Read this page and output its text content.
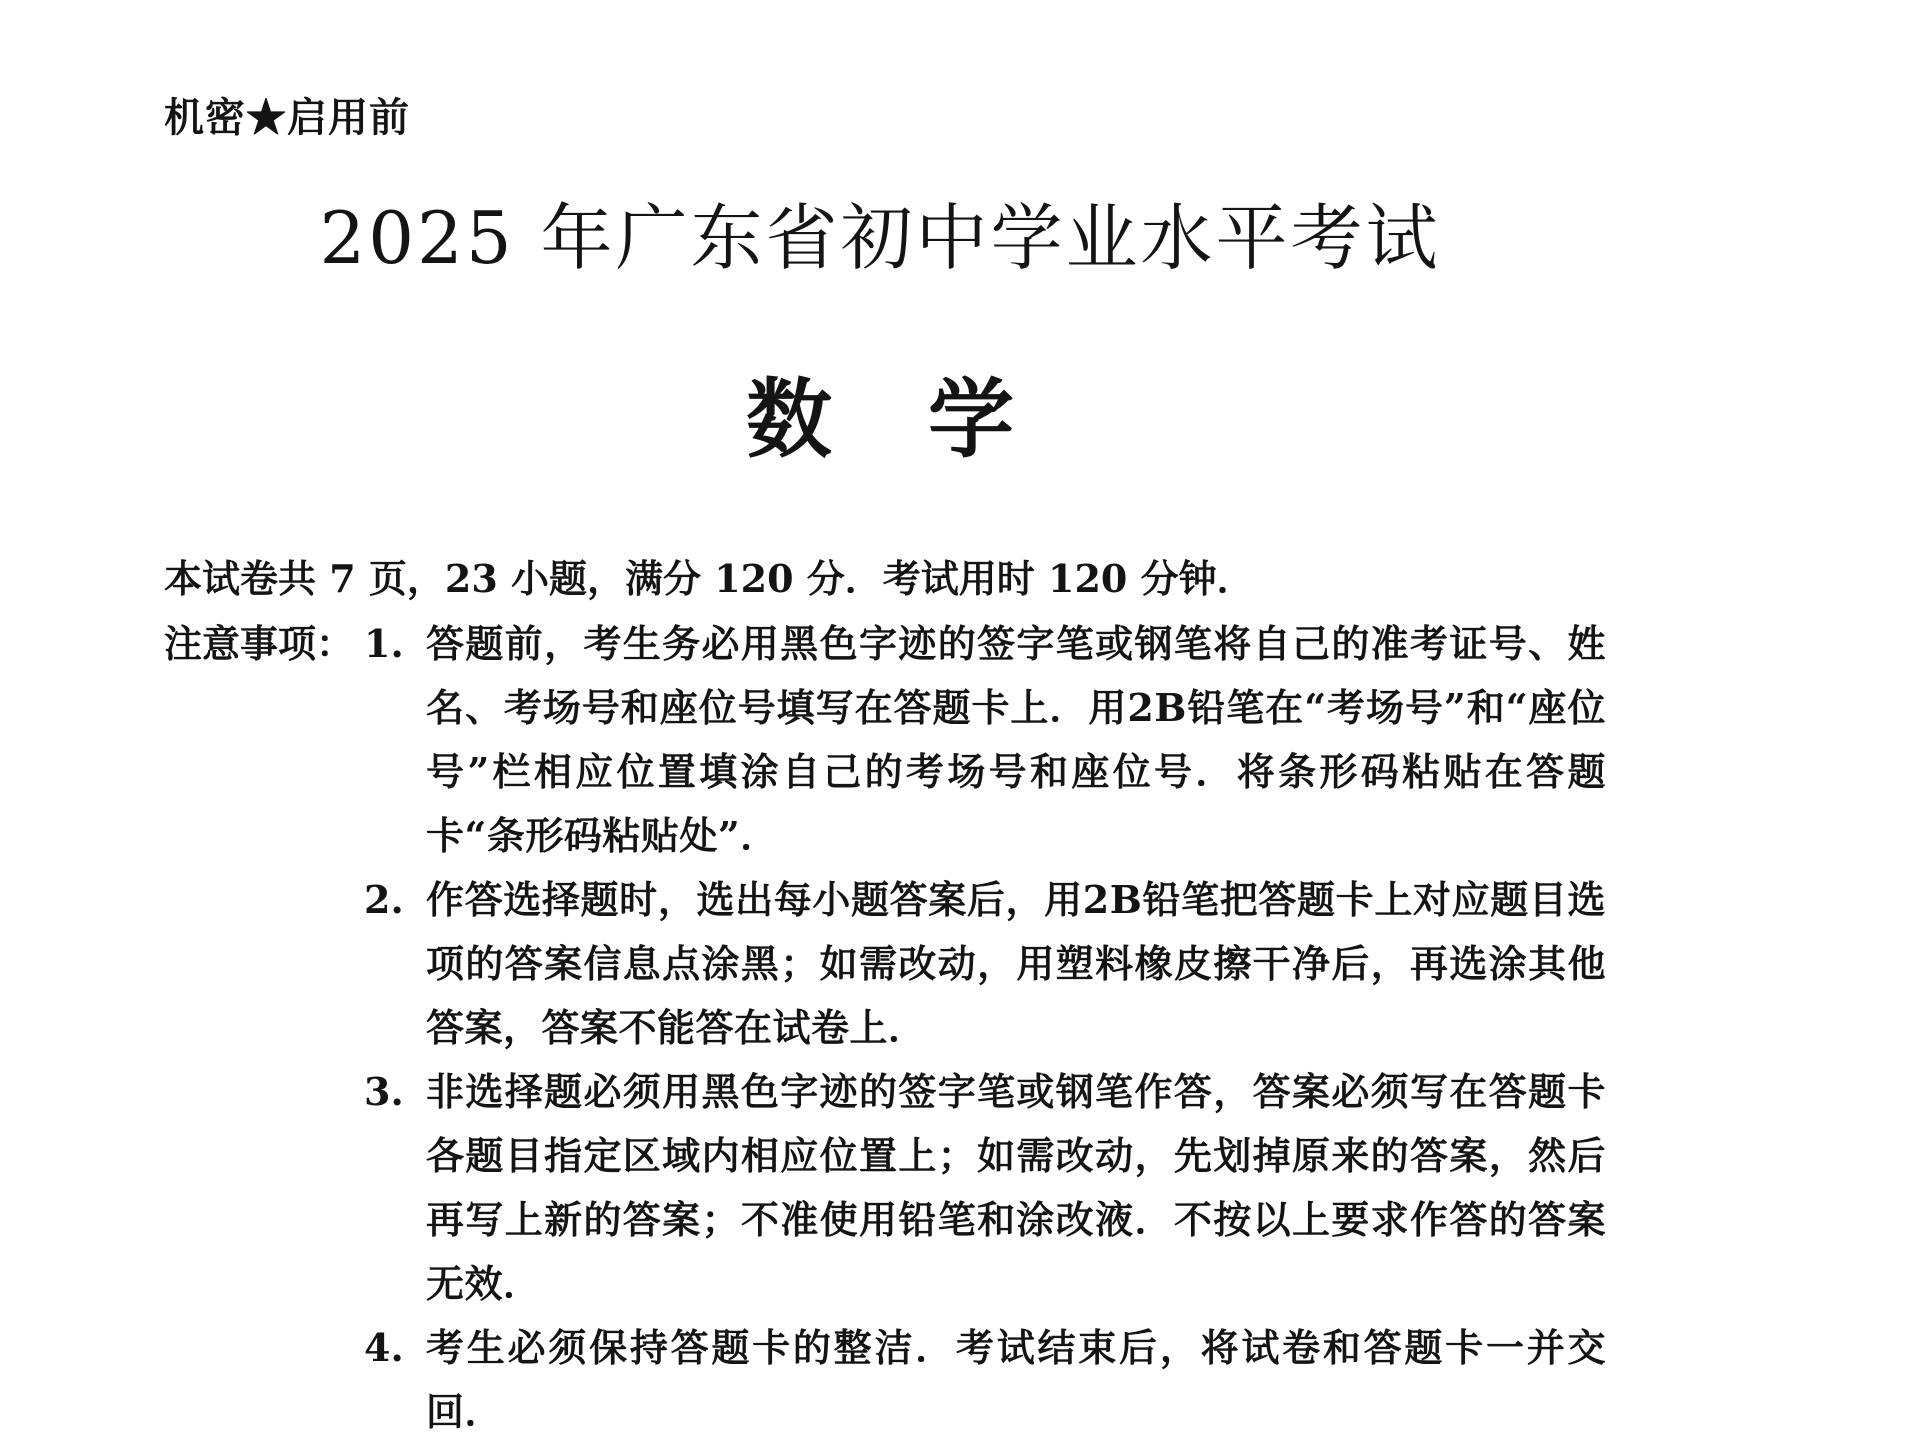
机密★启用前
2025 年广东省初中学业水平考试
数学
本试卷共 7 页，23 小题，满分 120 分．考试用时 120 分钟．
注意事项： 1. 答题前，考生务必用黑色字迹的签字笔或钢笔将自己的准考证号、姓名、考场号和座位号填写在答题卡上．用2B铅笔在“考场号”和“座位号”栏相应位置填涂自己的考场号和座位号．将条形码粘贴在答题卡“条形码粘贴处”．
2. 作答选择题时，选出每小题答案后，用2B铅笔把答题卡上对应题目选项的答案信息点涂黑；如需改动，用塑料橡皮擦干净后，再选涂其他答案，答案不能答在试卷上．
3. 非选择题必须用黑色字迹的签字笔或钢笔作答，答案必须写在答题卡各题目指定区域内相应位置上；如需改动，先划掉原来的答案，然后再写上新的答案；不准使用铅笔和涂改液．不按以上要求作答的答案无效．
4. 考生必须保持答题卡的整洁．考试结束后，将试卷和答题卡一并交回．
